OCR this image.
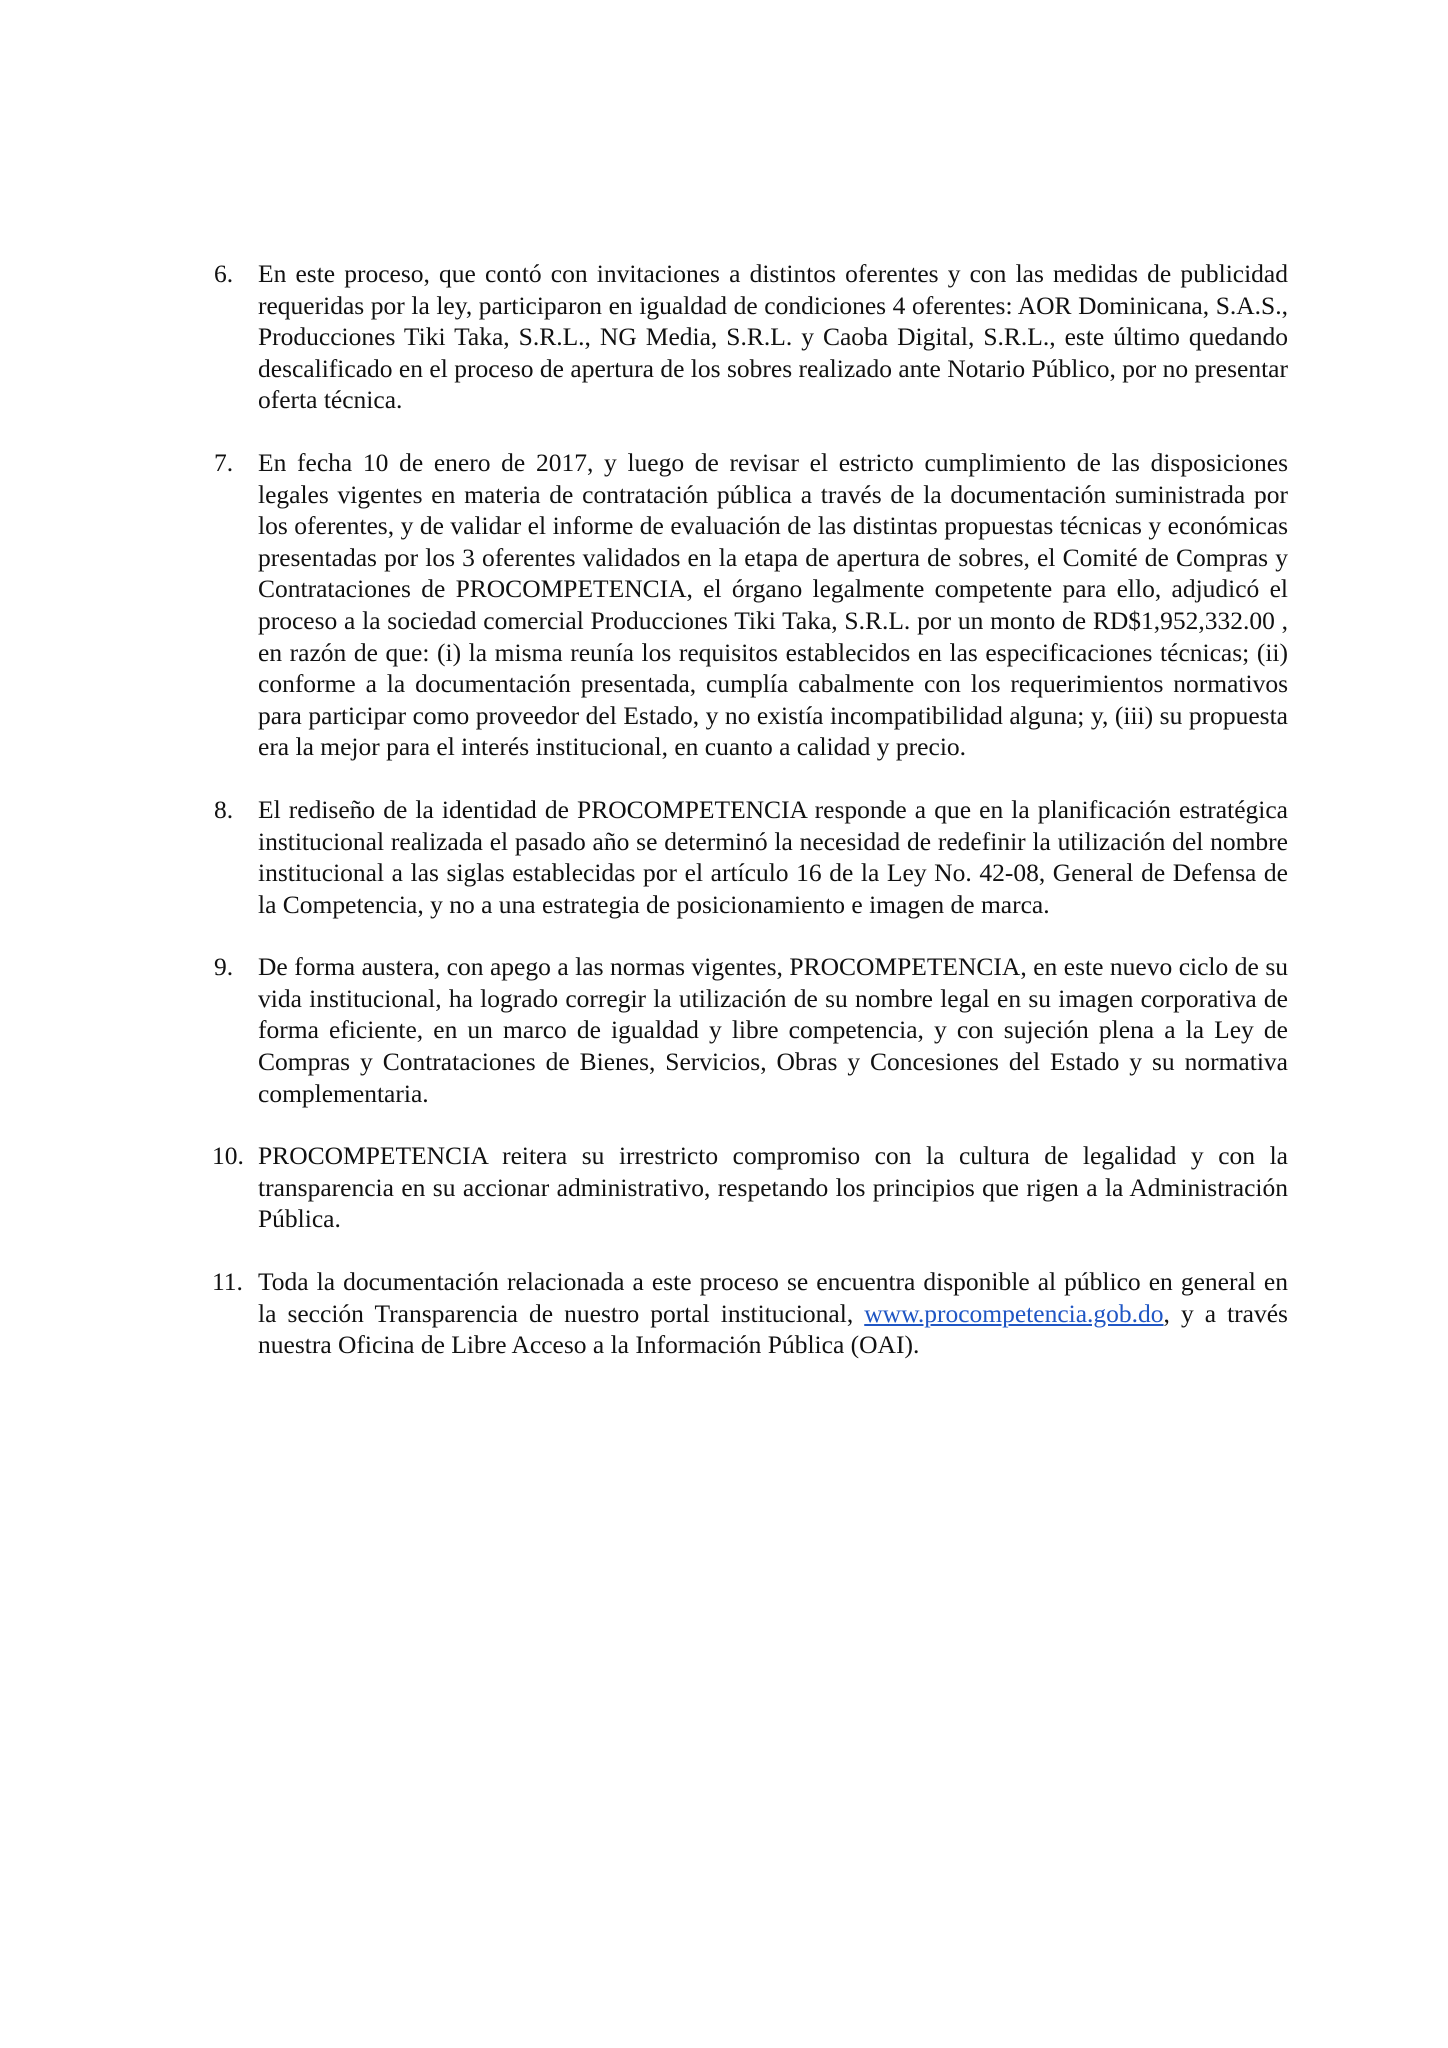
6. En este proceso, que contó con invitaciones a distintos oferentes y con las medidas de publicidad requeridas por la ley, participaron en igualdad de condiciones 4 oferentes: AOR Dominicana, S.A.S., Producciones Tiki Taka, S.R.L., NG Media, S.R.L. y Caoba Digital, S.R.L., este último quedando descalificado en el proceso de apertura de los sobres realizado ante Notario Público, por no presentar oferta técnica.
7. En fecha 10 de enero de 2017, y luego de revisar el estricto cumplimiento de las disposiciones legales vigentes en materia de contratación pública a través de la documentación suministrada por los oferentes, y de validar el informe de evaluación de las distintas propuestas técnicas y económicas presentadas por los 3 oferentes validados en la etapa de apertura de sobres, el Comité de Compras y Contrataciones de PROCOMPETENCIA, el órgano legalmente competente para ello, adjudicó el proceso a la sociedad comercial Producciones Tiki Taka, S.R.L. por un monto de RD$1,952,332.00 , en razón de que: (i) la misma reunía los requisitos establecidos en las especificaciones técnicas; (ii) conforme a la documentación presentada, cumplía cabalmente con los requerimientos normativos para participar como proveedor del Estado, y no existía incompatibilidad alguna; y, (iii) su propuesta era la mejor para el interés institucional, en cuanto a calidad y precio.
8. El rediseño de la identidad de PROCOMPETENCIA responde a que en la planificación estratégica institucional realizada el pasado año se determinó la necesidad de redefinir la utilización del nombre institucional a las siglas establecidas por el artículo 16 de la Ley No. 42-08, General de Defensa de la Competencia, y no a una estrategia de posicionamiento e imagen de marca.
9. De forma austera, con apego a las normas vigentes, PROCOMPETENCIA, en este nuevo ciclo de su vida institucional, ha logrado corregir la utilización de su nombre legal en su imagen corporativa de forma eficiente, en un marco de igualdad y libre competencia, y con sujeción plena a la Ley de Compras y Contrataciones de Bienes, Servicios, Obras y Concesiones del Estado y su normativa complementaria.
10. PROCOMPETENCIA reitera su irrestricto compromiso con la cultura de legalidad y con la transparencia en su accionar administrativo, respetando los principios que rigen a la Administración Pública.
11. Toda la documentación relacionada a este proceso se encuentra disponible al público en general en la sección Transparencia de nuestro portal institucional, www.procompetencia.gob.do, y a través nuestra Oficina de Libre Acceso a la Información Pública (OAI).
